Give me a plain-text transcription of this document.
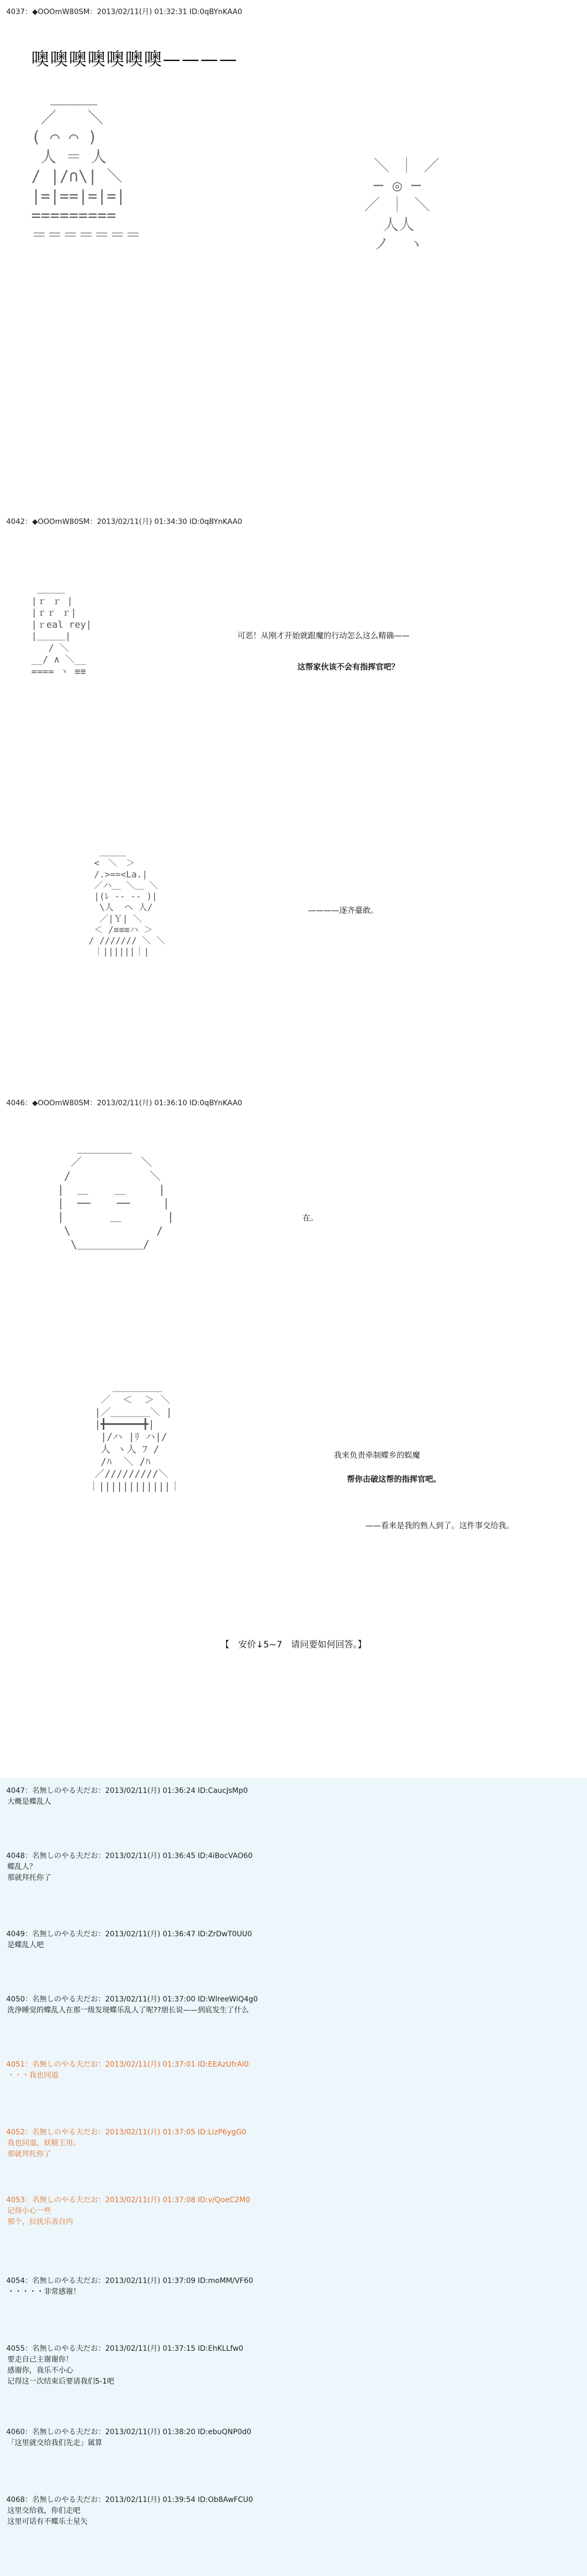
4037：◆OOOmW80SM：2013/02/11(月) 01:32:31 ID:0qBYnKAA0
噢噢噢噢噢噢噢————
＿＿＿
／　　＼
( ⌒ ⌒ )
人 ＝ 人
/ |/∩\| ＼
|=|==|=|=|
=========
＝＝＝＝＝＝＝
＼ ｜ ／
─ ◎ ─
／ ｜ ＼
人人
ノ  ヽ
4042：◆OOOmW80SM：2013/02/11(月) 01:34:30 ID:0qBYnKAA0
＿＿＿
|ｒ ｒ |
|ｒｒ ｒ|
|ｒeal rey|
|＿＿＿|
/ ＼
__/ ∧ ＼__
==== ヽ ≡≡
可恶！从刚才开始就跟魔的行动怎么这么精确——
这帮家伙该不会有指挥官吧？
＿＿＿
<　＼　＞
/.>==<La.|
／ハ＿ ＼＿ ＼
|(ﾚ -- -- )|
\人  ヘ 人/
／|Ｙ| ＼
＜ /≡≡≡ハ ＞
/ /////// ＼ ＼
｜||||||｜|
————逐齐臺敢。
4046：◆OOOmW80SM：2013/02/11(月) 01:36:10 ID:0qBYnKAA0
＿＿＿＿＿
／         ＼
/            ＼
|  ＿    ＿     |
|  ──    ──     |
|       ＿       |
\             /
\＿＿＿＿＿＿/
在。
＿＿＿＿＿
／  ＜  ＞ ＼
|／＿＿＿＿＼ |
|╋━━━━━━╋|
|/ハ |ﾘ ハ|/
人 ヽ人 ﾌ /
/ﾊ  ＼ /ﾊ
／/////////＼
｜||||||||||||｜
我来负责牵制蝶乡的蜈魔
帮你击破这帮的指挥官吧。
——看来是我的熟人到了。这件事交给我。
【　安价↓5~7　请问要如何回答。】
4047：名無しのやる夫だお：2013/02/11(月) 01:36:24 ID:CaucJsMp0
大概是蝶乱人
4048：名無しのやる夫だお：2013/02/11(月) 01:36:45 ID:4iBocVAO60
蝶乱人？
那就拜托你了
4049：名無しのやる夫だお：2013/02/11(月) 01:36:47 ID:ZrDwT0UU0
是蝶乱人吧
4050：名無しのやる夫だお：2013/02/11(月) 01:37:00 ID:WlreeWiQ4g0
洗浄睡觉的蝶乱人在那一级发现蝶乐乱人了呢??朋长说——到底发生了什么
4051：名無しのやる夫だお：2013/02/11(月) 01:37:01 ID:EEAzUfrAI0
・・・我也同道
4052：名無しのやる夫だお：2013/02/11(月) 01:37:05 ID:LizP6ygG0
我也同道，妖精王用。
那就拜托你了
4053：名無しのやる夫だお：2013/02/11(月) 01:37:08 ID:v/QoeC2M0
记得小心一些
那个，拉扰乐表自内
4054：名無しのやる夫だお：2013/02/11(月) 01:37:09 ID:moMM/VF60
・・・・・非常感谢！
4055：名無しのやる夫だお：2013/02/11(月) 01:37:15 ID:EhKLLfw0
要走自己主谢谢你！
感谢你，我乐不小心
记得这一次结束后要请我们5-1吧
4060：名無しのやる夫だお：2013/02/11(月) 01:38:20 ID:ebuQNP0d0
「这里就交给我们先走」属算
4068：名無しのやる夫だお：2013/02/11(月) 01:39:54 ID:Ob8AwFCU0
这里交给我，你们走吧
这里可话有不蝶乐士星矢
